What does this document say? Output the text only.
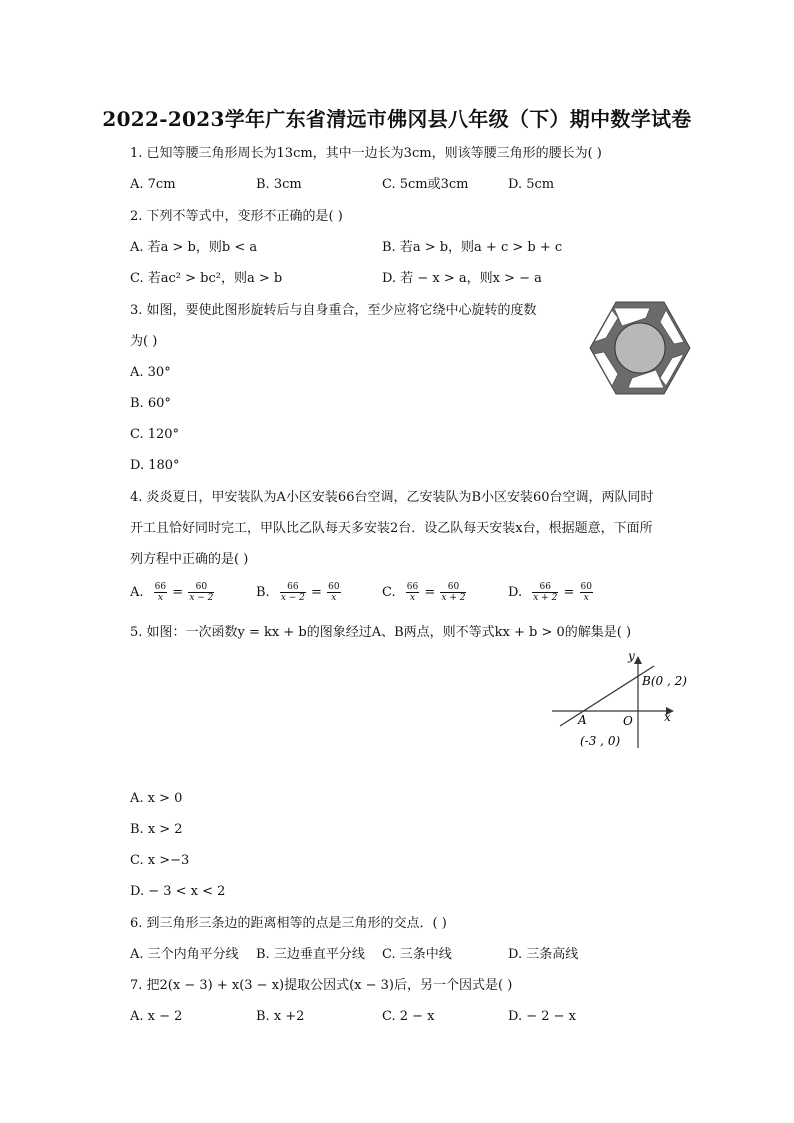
2022-2023学年广东省清远市佛冈县八年级（下）期中数学试卷
1. 已知等腰三角形周长为13cm，其中一边长为3cm，则该等腰三角形的腰长为( )
A. 7cm	B. 3cm	C. 5cm或3cm	D. 5cm
2. 下列不等式中，变形不正确的是( )
A. 若a > b，则b < a	B. 若a > b，则a + c > b + c
C. 若ac² > bc²，则a > b	D. 若 − x > a，则x > − a
3. 如图，要使此图形旋转后与自身重合，至少应将它绕中心旋转的度数
为( )
A. 30°
B. 60°
C. 120°
D. 180°
4. 炎炎夏日，甲安装队为A小区安装66台空调，乙安装队为B小区安装60台空调，两队同时
开工且恰好同时完工，甲队比乙队每天多安装2台．设乙队每天安装x台，根据题意，下面所
列方程中正确的是( )
A. $\frac{66}{x} = \frac{60}{x - 2}$	B. $\frac{66}{x - 2} = \frac{60}{x}$	C. $\frac{66}{x} = \frac{60}{x + 2}$	D. $\frac{66}{x + 2} = \frac{60}{x}$
5. 如图：一次函数y = kx + b的图象经过A、B两点，则不等式kx + b > 0的解集是( )
y
x
O
B(0 , 2)
A
(-3 , 0)
A. x > 0
B. x > 2
C. x >−3
D. − 3 < x < 2
6. 到三角形三条边的距离相等的点是三角形的交点．( )
A. 三个内角平分线 B. 三边垂直平分线 C. 三条中线	D. 三条高线
7. 把2(x − 3) + x(3 − x)提取公因式(x − 3)后，另一个因式是( )
A. x − 2	B. x +2	C. 2 − x	D. − 2 − x
